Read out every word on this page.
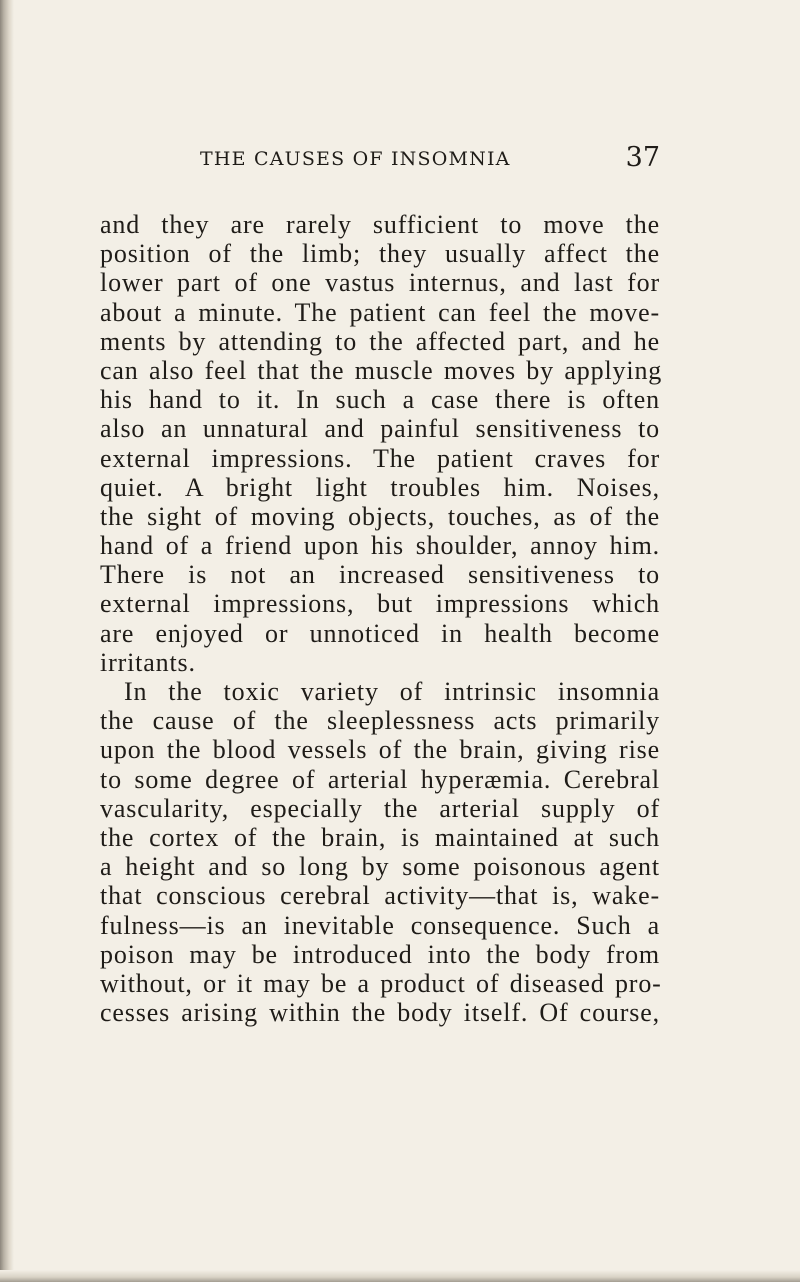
THE CAUSES OF INSOMNIA	37
and they are rarely sufficient to move the
position of the limb; they usually affect the
lower part of one vastus internus, and last for
about a minute. The patient can feel the move-
ments by attending to the affected part, and he
can also feel that the muscle moves by applying
his hand to it. In such a case there is often
also an unnatural and painful sensitiveness to
external impressions. The patient craves for
quiet. A bright light troubles him. Noises,
the sight of moving objects, touches, as of the
hand of a friend upon his shoulder, annoy him.
There is not an increased sensitiveness to
external impressions, but impressions which
are enjoyed or unnoticed in health become
irritants.
In the toxic variety of intrinsic insomnia
the cause of the sleeplessness acts primarily
upon the blood vessels of the brain, giving rise
to some degree of arterial hyperæmia. Cerebral
vascularity, especially the arterial supply of
the cortex of the brain, is maintained at such
a height and so long by some poisonous agent
that conscious cerebral activity—that is, wake-
fulness—is an inevitable consequence. Such a
poison may be introduced into the body from
without, or it may be a product of diseased pro-
cesses arising within the body itself. Of course,
